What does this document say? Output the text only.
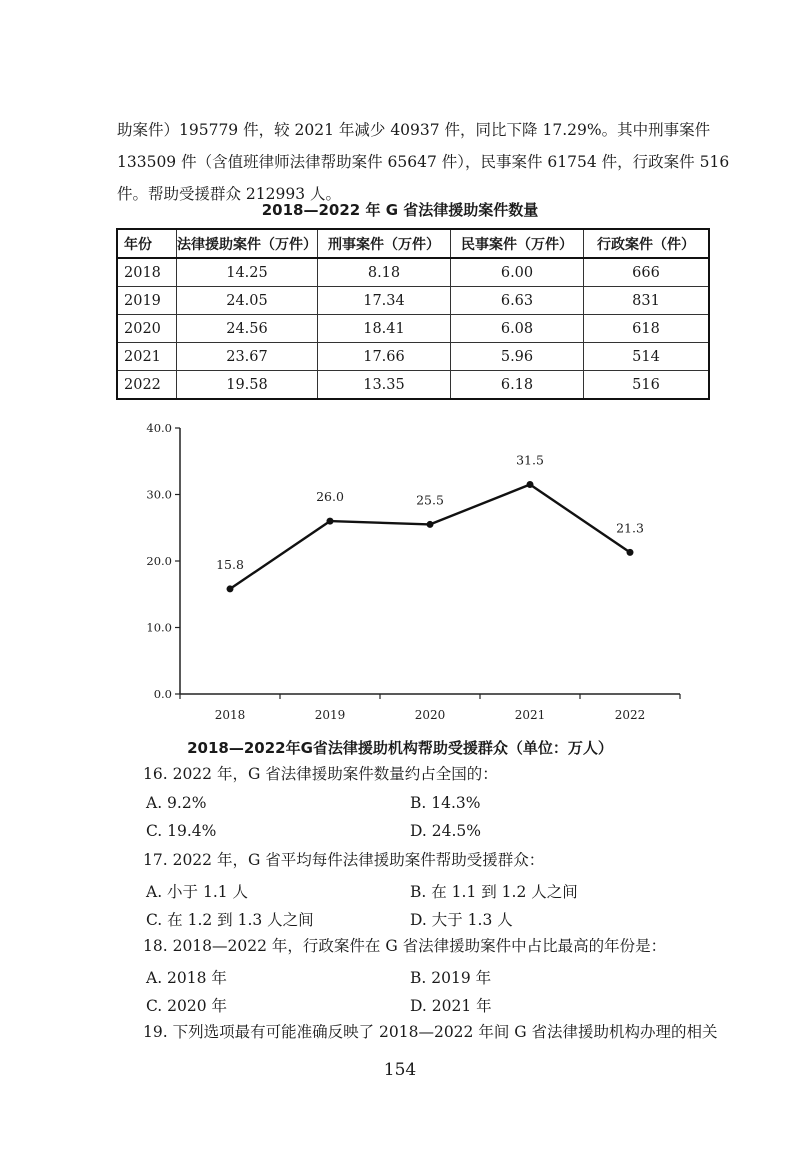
助案件）195779 件，较 2021 年减少 40937 件，同比下降 17.29%。其中刑事案件
133509 件（含值班律师法律帮助案件 65647 件），民事案件 61754 件，行政案件 516
件。帮助受援群众 212993 人。
2018—2022 年 G 省法律援助案件数量
年份	法律援助案件（万件）	刑事案件（万件）	民事案件（万件）	行政案件（件）
2018	14.25	8.18	6.00	666
2019	24.05	17.34	6.63	831
2020	24.56	18.41	6.08	618
2021	23.67	17.66	5.96	514
2022	19.58	13.35	6.18	516
0.0
10.0
20.0
30.0
40.0
2018	2019	2020	2021	2022
15.8
26.0	25.5
31.5
21.3
2018—2022年G省法律援助机构帮助受援群众（单位：万人）
16. 2022 年，G 省法律援助案件数量约占全国的：
A. 9.2%	B. 14.3%
C. 19.4%	D. 24.5%
17. 2022 年，G 省平均每件法律援助案件帮助受援群众：
A. 小于 1.1 人	B. 在 1.1 到 1.2 人之间
C. 在 1.2 到 1.3 人之间	D. 大于 1.3 人
18. 2018—2022 年，行政案件在 G 省法律援助案件中占比最高的年份是：
A. 2018 年	B. 2019 年
C. 2020 年	D. 2021 年
19. 下列选项最有可能准确反映了 2018—2022 年间 G 省法律援助机构办理的相关
154
